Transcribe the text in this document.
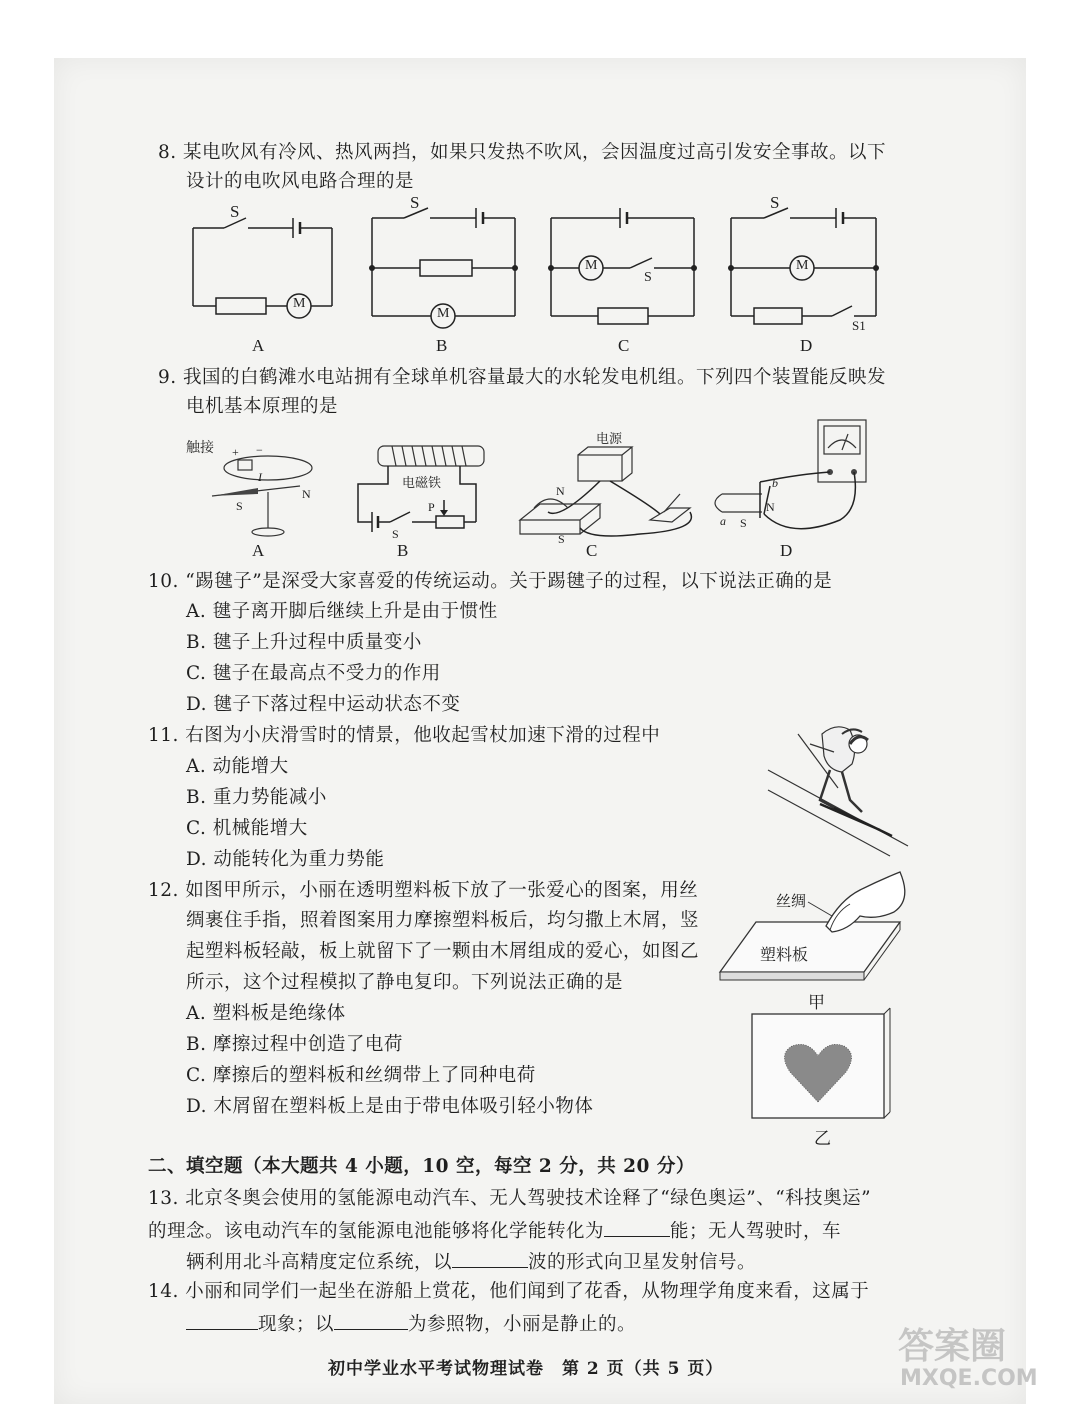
8. 某电吹风有冷风、热风两挡，如果只发热不吹风，会因温度过高引发安全事故。以下
设计的电吹风电路合理的是
S
M
A
S
M
B
M
S
C
S
M
S1
D
9. 我国的白鹤滩水电站拥有全球单机容量最大的水轮发电机组。下列四个装置能反映发
电机基本原理的是
触接 + −
I
S
N
A
电磁铁
S
P
B
电源
N
S
C
a
b
N
S
D
10. “踢毽子”是深受大家喜爱的传统运动。关于踢毽子的过程，以下说法正确的是
A. 毽子离开脚后继续上升是由于惯性
B. 毽子上升过程中质量变小
C. 毽子在最高点不受力的作用
D. 毽子下落过程中运动状态不变
11. 右图为小庆滑雪时的情景，他收起雪杖加速下滑的过程中
A. 动能增大
B. 重力势能减小
C. 机械能增大
D. 动能转化为重力势能
12. 如图甲所示，小丽在透明塑料板下放了一张爱心的图案，用丝
绸裹住手指，照着图案用力摩擦塑料板后，均匀撒上木屑，竖
起塑料板轻敲，板上就留下了一颗由木屑组成的爱心，如图乙
所示，这个过程模拟了静电复印。下列说法正确的是
A. 塑料板是绝缘体
B. 摩擦过程中创造了电荷
C. 摩擦后的塑料板和丝绸带上了同种电荷
D. 木屑留在塑料板上是由于带电体吸引轻小物体
丝绸
塑料板
甲
乙
二、填空题（本大题共 4 小题，10 空，每空 2 分，共 20 分）
13. 北京冬奥会使用的氢能源电动汽车、无人驾驶技术诠释了“绿色奥运”、“科技奥运”
的理念。该电动汽车的氢能源电池能够将化学能转化为	能；无人驾驶时，车
辆利用北斗高精度定位系统，以	波的形式向卫星发射信号。
14. 小丽和同学们一起坐在游船上赏花，他们闻到了花香，从物理学角度来看，这属于
现象；以	为参照物，小丽是静止的。
初中学业水平考试物理试卷　第 2 页（共 5 页）
答案圈
MXQE.COM
